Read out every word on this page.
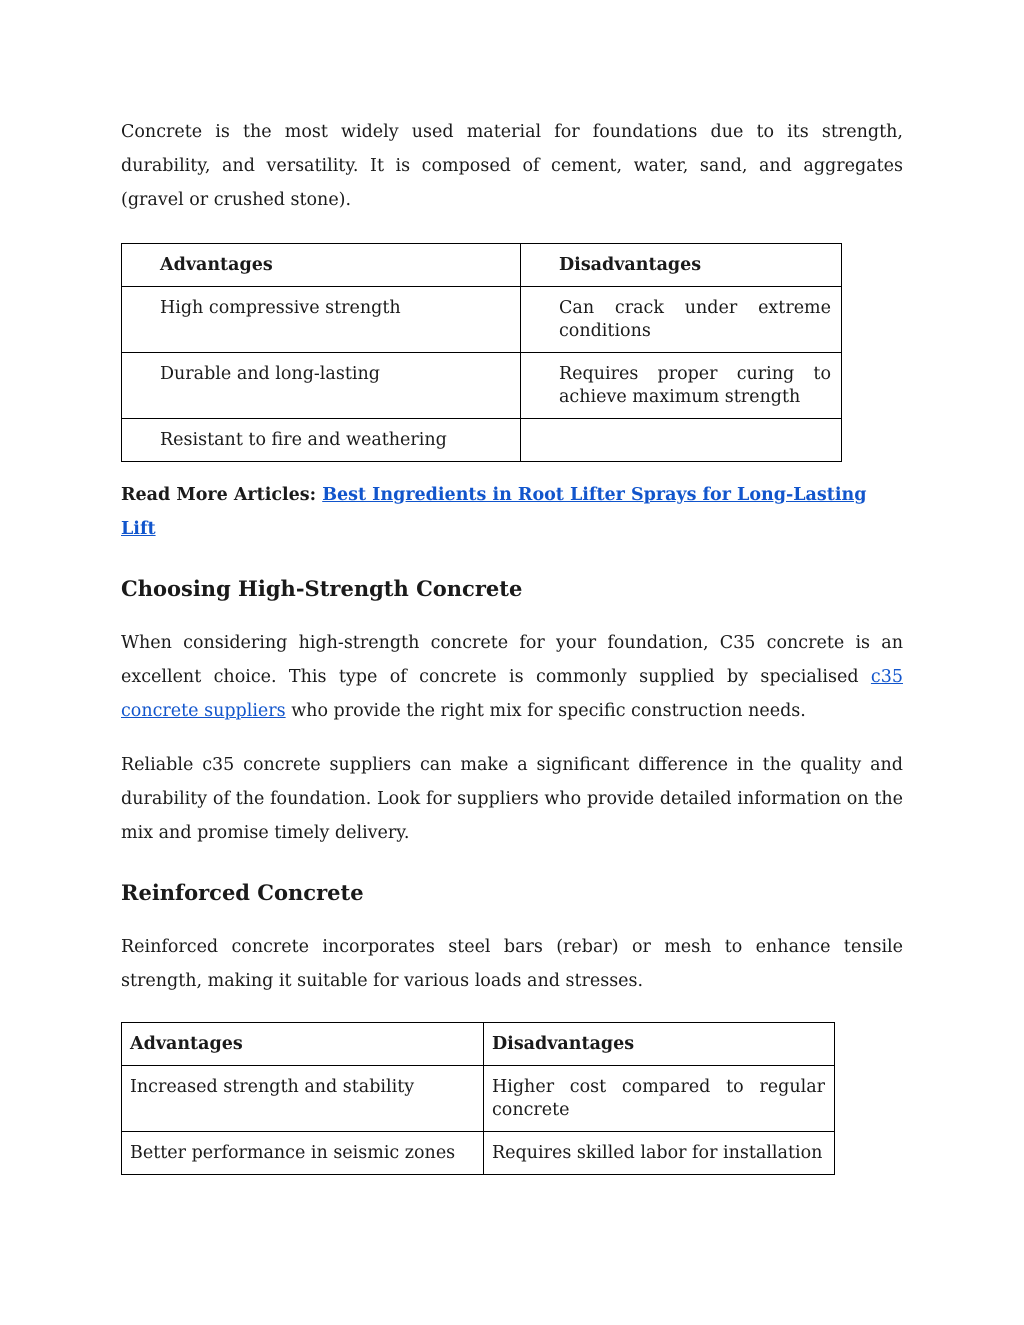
Concrete is the most widely used material for foundations due to its strength, durability, and versatility. It is composed of cement, water, sand, and aggregates (gravel or crushed stone).

Advantages	Disadvantages
High compressive strength	Can crack under extreme conditions
Durable and long-lasting	Requires proper curing to achieve maximum strength

Resistant to fire and weathering	
Read More Articles: Best Ingredients in Root Lifter Sprays for Long-Lasting Lift
Choosing High-Strength Concrete

When considering high-strength concrete for your foundation, C35 concrete is an excellent choice. This type of concrete is commonly supplied by specialised c35 concrete suppliers who provide the right mix for specific construction needs.

Reliable c35 concrete suppliers can make a significant difference in the quality and durability of the foundation. Look for suppliers who provide detailed information on the mix and promise timely delivery.

Reinforced Concrete

Reinforced concrete incorporates steel bars (rebar) or mesh to enhance tensile strength, making it suitable for various loads and stresses.

Advantages	Disadvantages
Increased strength and stability	Higher cost compared to regular concrete
Better performance in seismic zones	Requires skilled labor for installation
